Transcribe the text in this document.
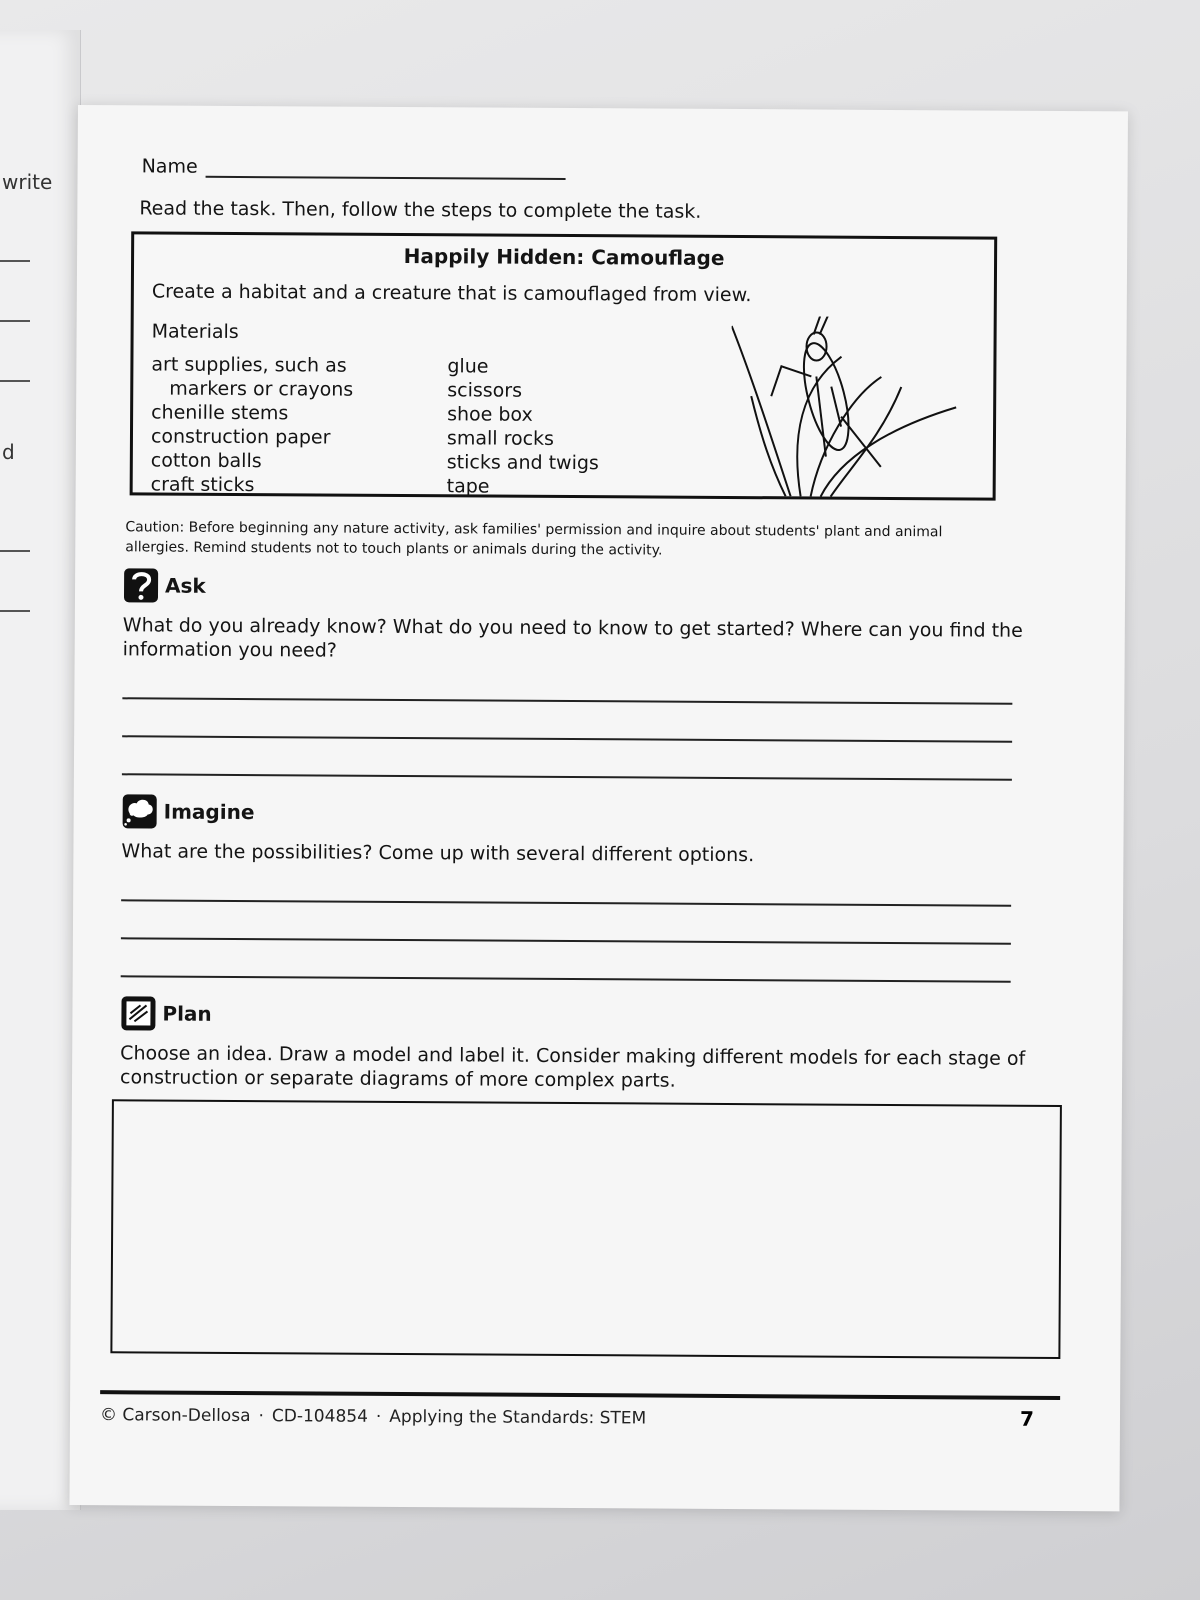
write
d
Name
Read the task. Then, follow the steps to complete the task.
Happily Hidden: Camouflage
Create a habitat and a creature that is camouflaged from view.
Materials
art supplies, such as
markers or crayons
chenille stems
construction paper
cotton balls
craft sticks
glue
scissors
shoe box
small rocks
sticks and twigs
tape
Caution: Before beginning any nature activity, ask families' permission and inquire about students' plant and animal allergies. Remind students not to touch plants or animals during the activity.
Ask
What do you already know? What do you need to know to get started? Where can you find the information you need?
Imagine
What are the possibilities? Come up with several different options.
Plan
Choose an idea. Draw a model and label it. Consider making different models for each stage of construction or separate diagrams of more complex parts.
© Carson-Dellosa · CD-104854 · Applying the Standards: STEM	7
